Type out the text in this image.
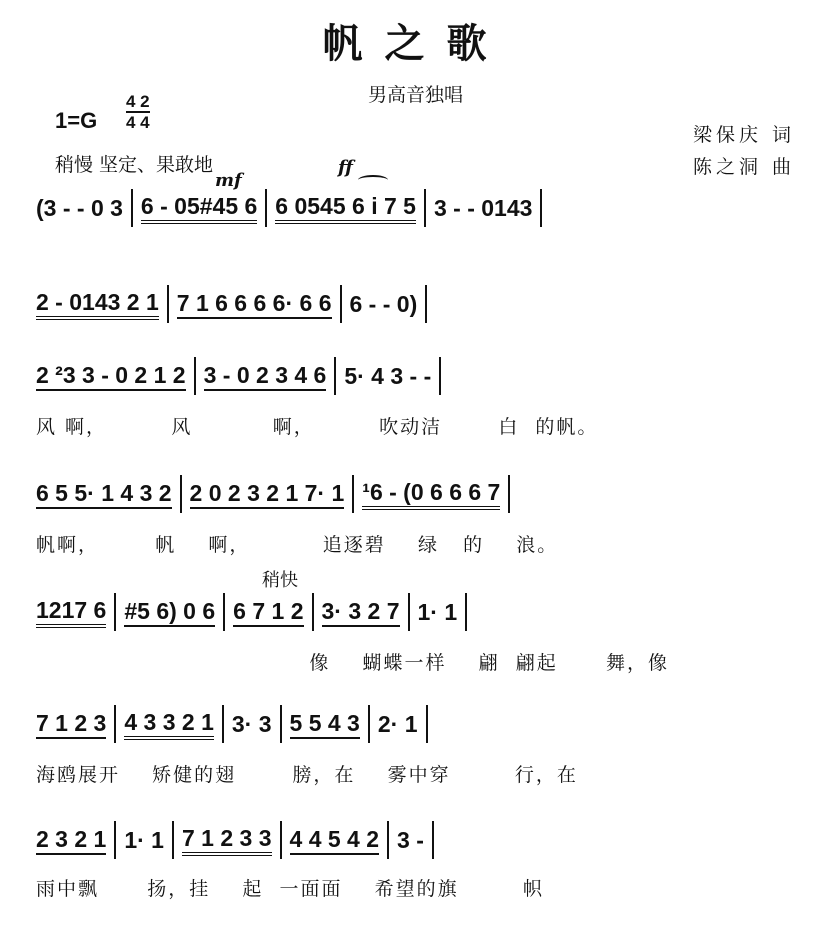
帆之歌
男高音独唱
1=G
4 2
4 4
稍慢 坚定、果敢地
梁保庆 词
陈之洞 曲
mf
ff
(3 - - 0 3 6 - 05#45 6 6 0545 6 i 7 5 3 - - 0143
2 - 0143 2 1 7 1 6 6 6 6· 6 6 6 - - 0)
2 ²3 3 - 0 2 1 2 3 - 0 2 3 4 6 5· 4 3 - -
风 啊，        风          啊，        吹动洁       白  的帆。
6 5 5· 1 4 3 2 2 0 2 3 2 1 7· 1 ¹6 - (0 6 6 6 7
帆啊，       帆    啊，         追逐碧    绿   的    浪。
稍快
1217 6 #5 6) 0 6 6 7 1 2 3· 3 2 7 1· 1
像    蝴蝶一样    翩  翩起      舞，像
7 1 2 3 4 3 3 2 1 3· 3 5 5 4 3 2· 1
海鸥展开    矫健的翅       膀，在    雾中穿        行，在
2 3 2 1 1· 1 7 1 2 3 3 4 4 5 4 2 3 -
雨中飘      扬，挂    起  一面面    希望的旗        帜
